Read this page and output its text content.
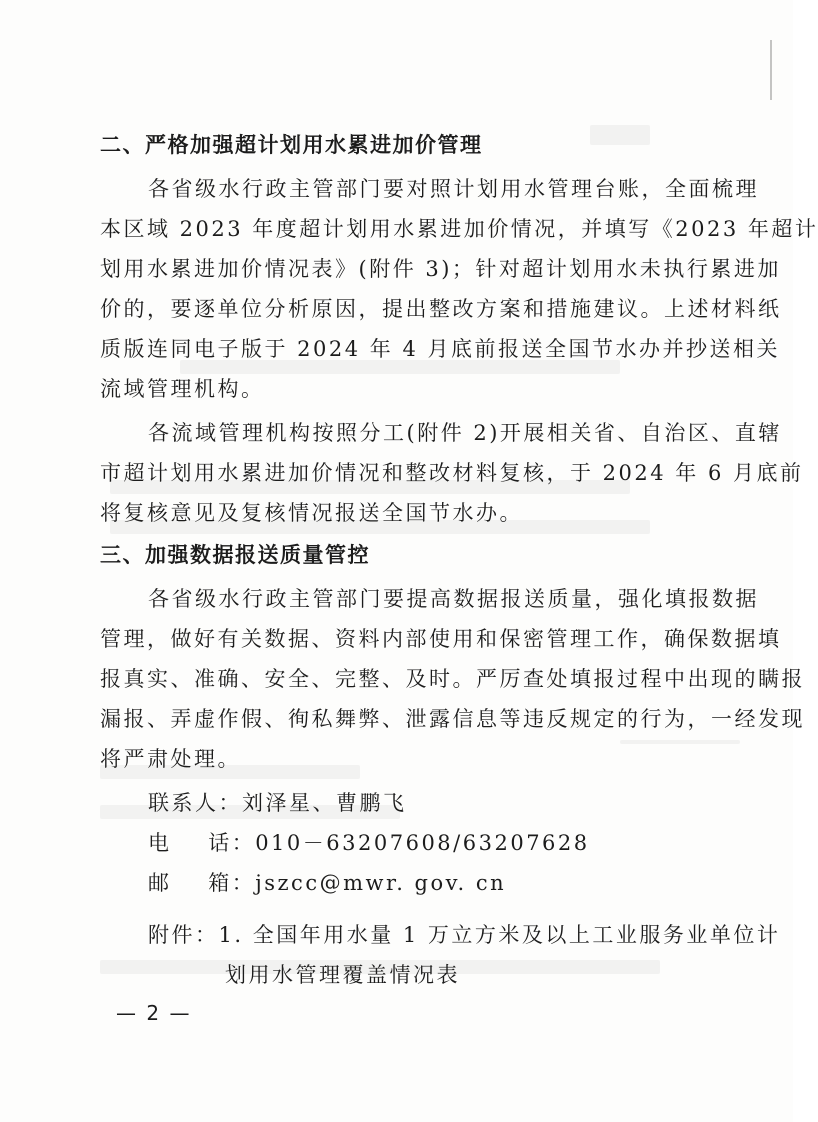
二、严格加强超计划用水累进加价管理
各省级水行政主管部门要对照计划用水管理台账，全面梳理
本区域 2023 年度超计划用水累进加价情况，并填写《2023 年超计
划用水累进加价情况表》(附件 3)；针对超计划用水未执行累进加
价的，要逐单位分析原因，提出整改方案和措施建议。上述材料纸
质版连同电子版于 2024 年 4 月底前报送全国节水办并抄送相关
流域管理机构。
各流域管理机构按照分工(附件 2)开展相关省、自治区、直辖
市超计划用水累进加价情况和整改材料复核，于 2024 年 6 月底前
将复核意见及复核情况报送全国节水办。
三、加强数据报送质量管控
各省级水行政主管部门要提高数据报送质量，强化填报数据
管理，做好有关数据、资料内部使用和保密管理工作，确保数据填
报真实、准确、安全、完整、及时。严厉查处填报过程中出现的瞒报
漏报、弄虚作假、徇私舞弊、泄露信息等违反规定的行为，一经发现
将严肃处理。
联系人：刘泽星、曹鹏飞
电    话：010－63207608/63207628
邮    箱：jszcc@mwr. gov. cn
附件：1. 全国年用水量 1 万立方米及以上工业服务业单位计
划用水管理覆盖情况表
— 2 —
